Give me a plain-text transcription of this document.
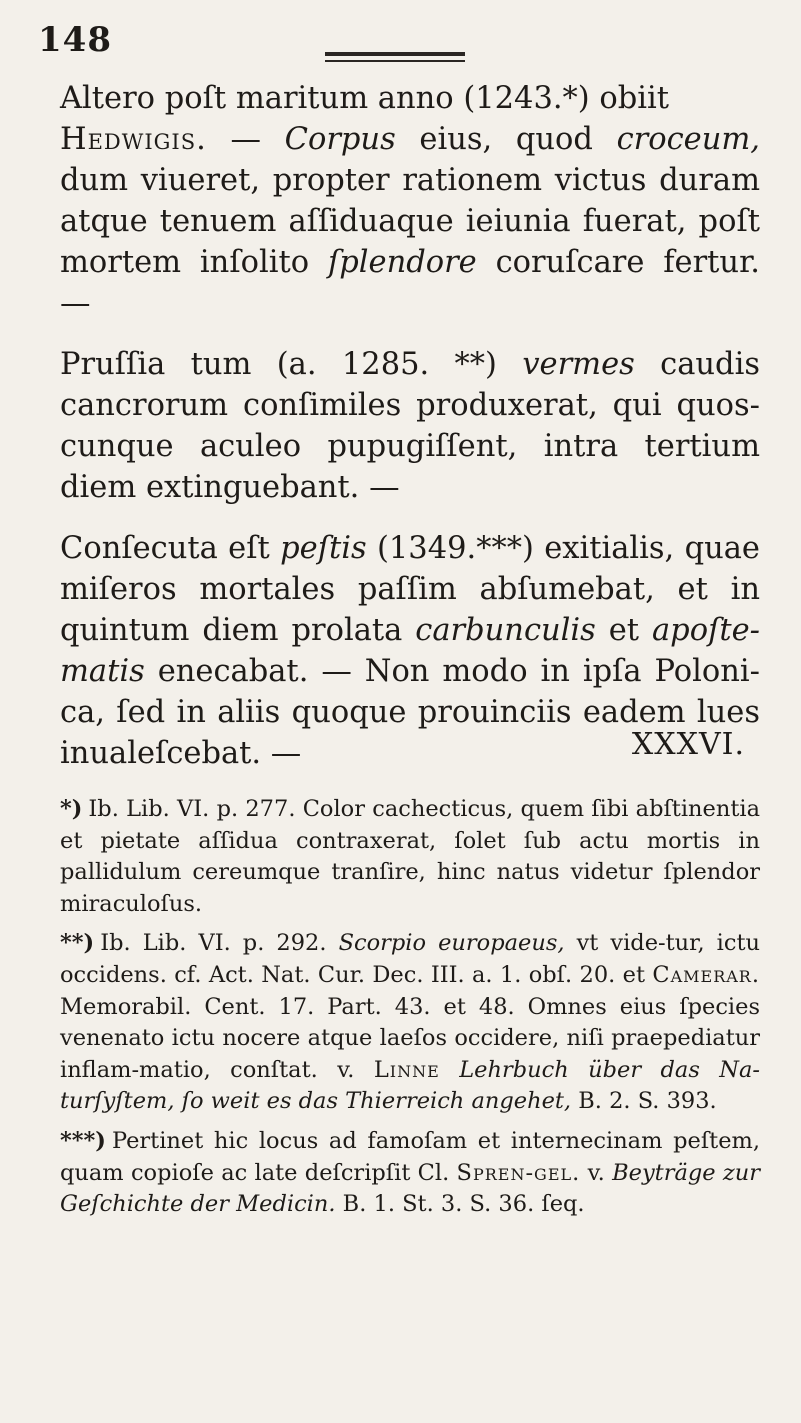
148

Altero poſt maritum anno (1243.*) obiit
Hedwigis. — Corpus eius, quod croceum, dum viueret, propter rationem victus duram atque tenuem aſſiduaque ieiunia fuerat, poſt mortem inſolito ſplendore coruſcare fertur. —

Pruſſia tum (a. 1285. **) vermes caudis cancrorum conſimiles produxerat, qui quos-cunque aculeo pupugiſſent, intra tertium diem extinguebant. —

Conſecuta eſt peſtis (1349.***) exitialis, quae miſeros mortales paſſim abſumebat, et in quintum diem prolata carbunculis et apoſte-matis enecabat. — Non modo in ipſa Poloni-ca, ſed in aliis quoque prouinciis eadem lues inualeſcebat. —	XXXVI.

*) Ib. Lib. VI. p. 277. Color cachecticus, quem ſibi abſtinentia et pietate aſſidua contraxerat, ſolet ſub actu mortis in pallidulum cereumque tranſire, hinc natus videtur ſplendor miraculoſus.

**) Ib. Lib. VI. p. 292. Scorpio europaeus, vt vide-tur, ictu occidens. cf. Act. Nat. Cur. Dec. III. a. 1. obſ. 20. et Camerar. Memorabil. Cent. 17. Part. 43. et 48. Omnes eius ſpecies venenato ictu nocere atque laeſos occidere, niſi praepediatur inflam-matio, conſtat. v. Linne Lehrbuch über das Na-turſyſtem, ſo weit es das Thierreich angehet, B. 2. S. 393.

***) Pertinet hic locus ad famoſam et internecinam peſtem, quam copioſe ac late deſcripſit Cl. Spren-gel. v. Beyträge zur Geſchichte der Medicin. B. 1. St. 3. S. 36. ſeq.
